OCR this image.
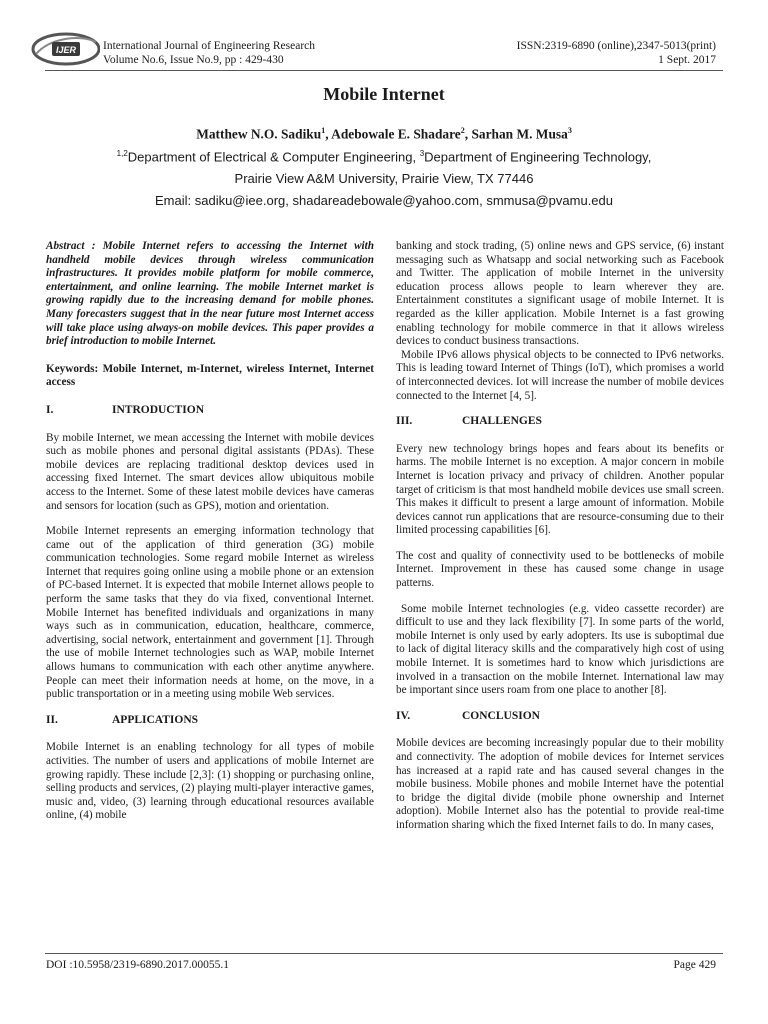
IJER International Journal of Engineering Research
Volume No.6, Issue No.9, pp : 429-430
ISSN:2319-6890 (online),2347-5013(print)
1 Sept. 2017
Mobile Internet
Matthew N.O. Sadiku$^1$, Adebowale E. Shadare$^2$, Sarhan M. Musa$^3$
$^{1,2}$Department of Electrical & Computer Engineering, $^3$Department of Engineering Technology,
Prairie View A&M University, Prairie View, TX 77446
Email: sadiku@iee.org, shadareadebowale@yahoo.com, smmusa@pvamu.edu

Abstract : Mobile Internet refers to accessing the Internet with handheld mobile devices through wireless communication infrastructures. It provides mobile platform for mobile commerce, entertainment, and online learning. The mobile Internet market is growing rapidly due to the increasing demand for mobile phones. Many forecasters suggest that in the near future most Internet access will take place using always-on mobile devices. This paper provides a brief introduction to mobile Internet.

Keywords: Mobile Internet, m-Internet, wireless Internet, Internet access

I.	INTRODUCTION

By mobile Internet, we mean accessing the Internet with mobile devices such as mobile phones and personal digital assistants (PDAs). These mobile devices are replacing traditional desktop devices used in accessing fixed Internet. The smart devices allow ubiquitous mobile access to the Internet. Some of these latest mobile devices have cameras and sensors for location (such as GPS), motion and orientation.

Mobile Internet represents an emerging information technology that came out of the application of third generation (3G) mobile communication technologies. Some regard mobile Internet as wireless Internet that requires going online using a mobile phone or an extension of PC-based Internet. It is expected that mobile Internet allows people to perform the same tasks that they do via fixed, conventional Internet. Mobile Internet has benefited individuals and organizations in many ways such as in communication, education, healthcare, commerce, advertising, social network, entertainment and government [1]. Through the use of mobile Internet technologies such as WAP, mobile Internet allows humans to communication with each other anytime anywhere. People can meet their information needs at home, on the move, in a public transportation or in a meeting using mobile Web services.

II.	APPLICATIONS

Mobile Internet is an enabling technology for all types of mobile activities. The number of users and applications of mobile Internet are growing rapidly. These include [2,3]: (1) shopping or purchasing online, selling products and services, (2) playing multi-player interactive games, music and, video, (3) learning through educational resources available online, (4) mobile

banking and stock trading, (5) online news and GPS service, (6) instant messaging such as Whatsapp and social networking such as Facebook and Twitter. The application of mobile Internet in the university education process allows people to learn wherever they are. Entertainment constitutes a significant usage of mobile Internet. It is regarded as the killer application. Mobile Internet is a fast growing enabling technology for mobile commerce in that it allows wireless devices to conduct business transactions.

Mobile IPv6 allows physical objects to be connected to IPv6 networks. This is leading toward Internet of Things (IoT), which promises a world of interconnected devices. Iot will increase the number of mobile devices connected to the Internet [4, 5].

III.	CHALLENGES

Every new technology brings hopes and fears about its benefits or harms. The mobile Internet is no exception. A major concern in mobile Internet is location privacy and privacy of children. Another popular target of criticism is that most handheld mobile devices use small screen. This makes it difficult to present a large amount of information. Mobile devices cannot run applications that are resource-consuming due to their limited processing capabilities [6].

The cost and quality of connectivity used to be bottlenecks of mobile Internet. Improvement in these has caused some change in usage patterns.

Some mobile Internet technologies (e.g. video cassette recorder) are difficult to use and they lack flexibility [7]. In some parts of the world, mobile Internet is only used by early adopters. Its use is suboptimal due to lack of digital literacy skills and the comparatively high cost of using mobile Internet. It is sometimes hard to know which jurisdictions are involved in a transaction on the mobile Internet. International law may be important since users roam from one place to another [8].

IV.	CONCLUSION

Mobile devices are becoming increasingly popular due to their mobility and connectivity. The adoption of mobile devices for Internet services has increased at a rapid rate and has caused several changes in the mobile business. Mobile phones and mobile Internet have the potential to bridge the digital divide (mobile phone ownership and Internet adoption). Mobile Internet also has the potential to provide real-time information sharing which the fixed Internet fails to do. In many cases,

DOI :10.5958/2319-6890.2017.00055.1	Page 429
